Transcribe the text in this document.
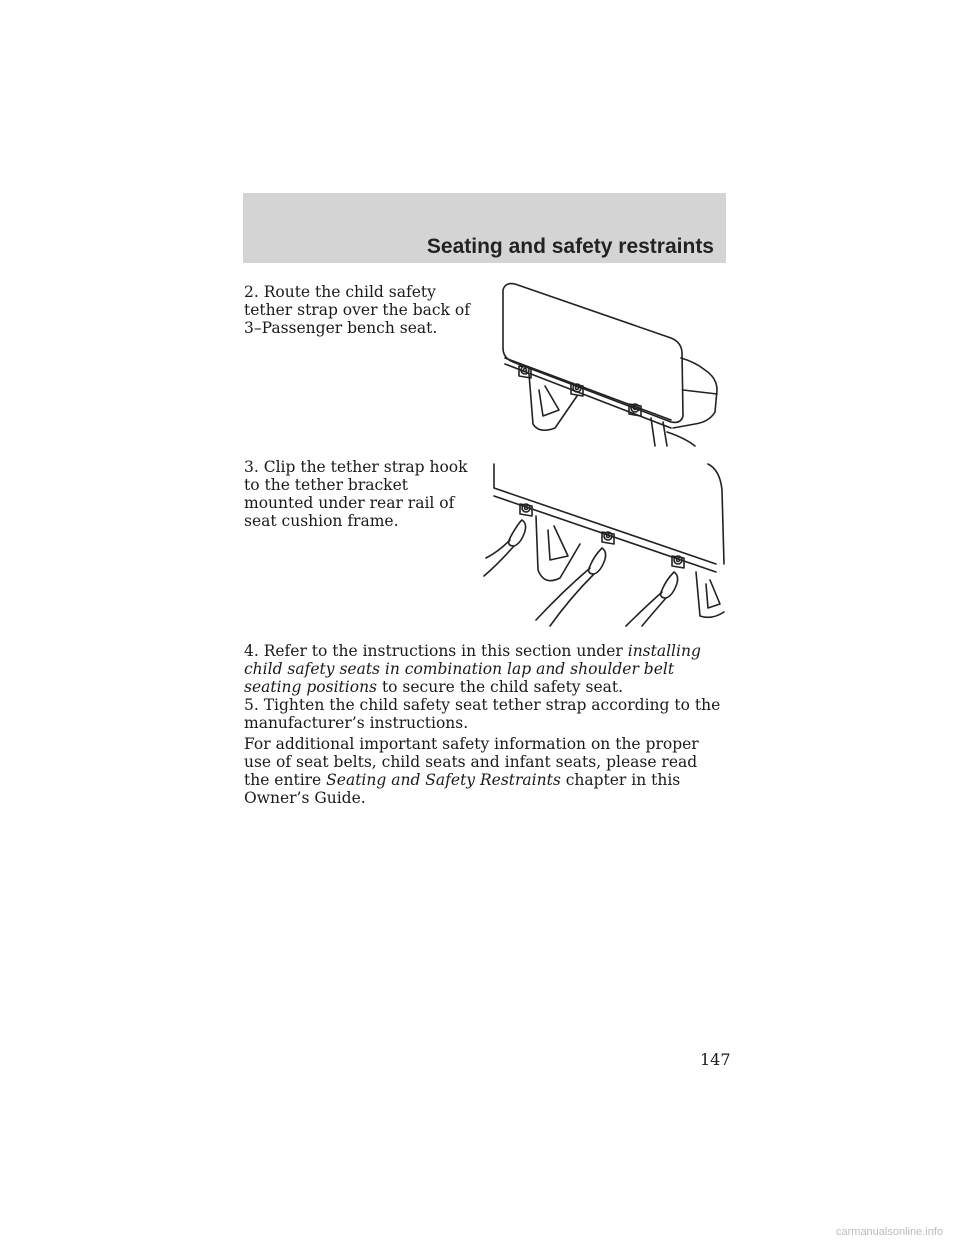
Seating and safety restraints

2. Route the child safety tether strap over the back of 3–Passenger bench seat.

3. Clip the tether strap hook to the tether bracket mounted under rear rail of seat cushion frame.

4. Refer to the instructions in this section under installing child safety seats in combination lap and shoulder belt seating positions to secure the child safety seat.

5. Tighten the child safety seat tether strap according to the manufacturer’s instructions.

For additional important safety information on the proper use of seat belts, child seats and infant seats, please read the entire Seating and Safety Restraints chapter in this Owner’s Guide.

147
carmanualsonline.info
